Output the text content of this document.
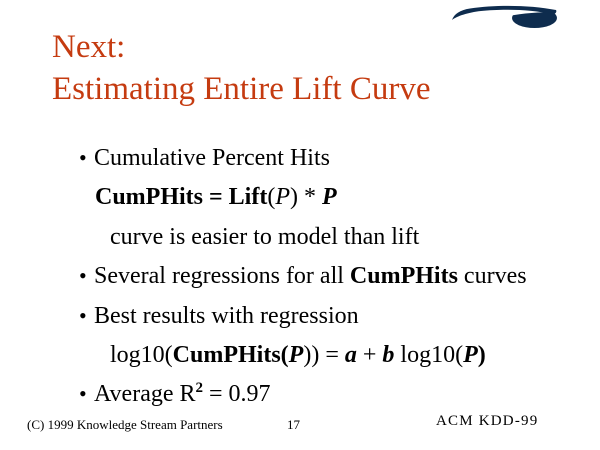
Next:
Estimating Entire Lift Curve

• Cumulative Percent Hits

CumPHits = Lift(P) * P

curve is easier to model than lift

• Several regressions for all CumPHits curves

• Best results with regression

log10(CumPHits(P)) = a + b log10(P)

• Average $R^2 = 0.97$

(C) 1999 Knowledge Stream Partners	17	ACM KDD-99
